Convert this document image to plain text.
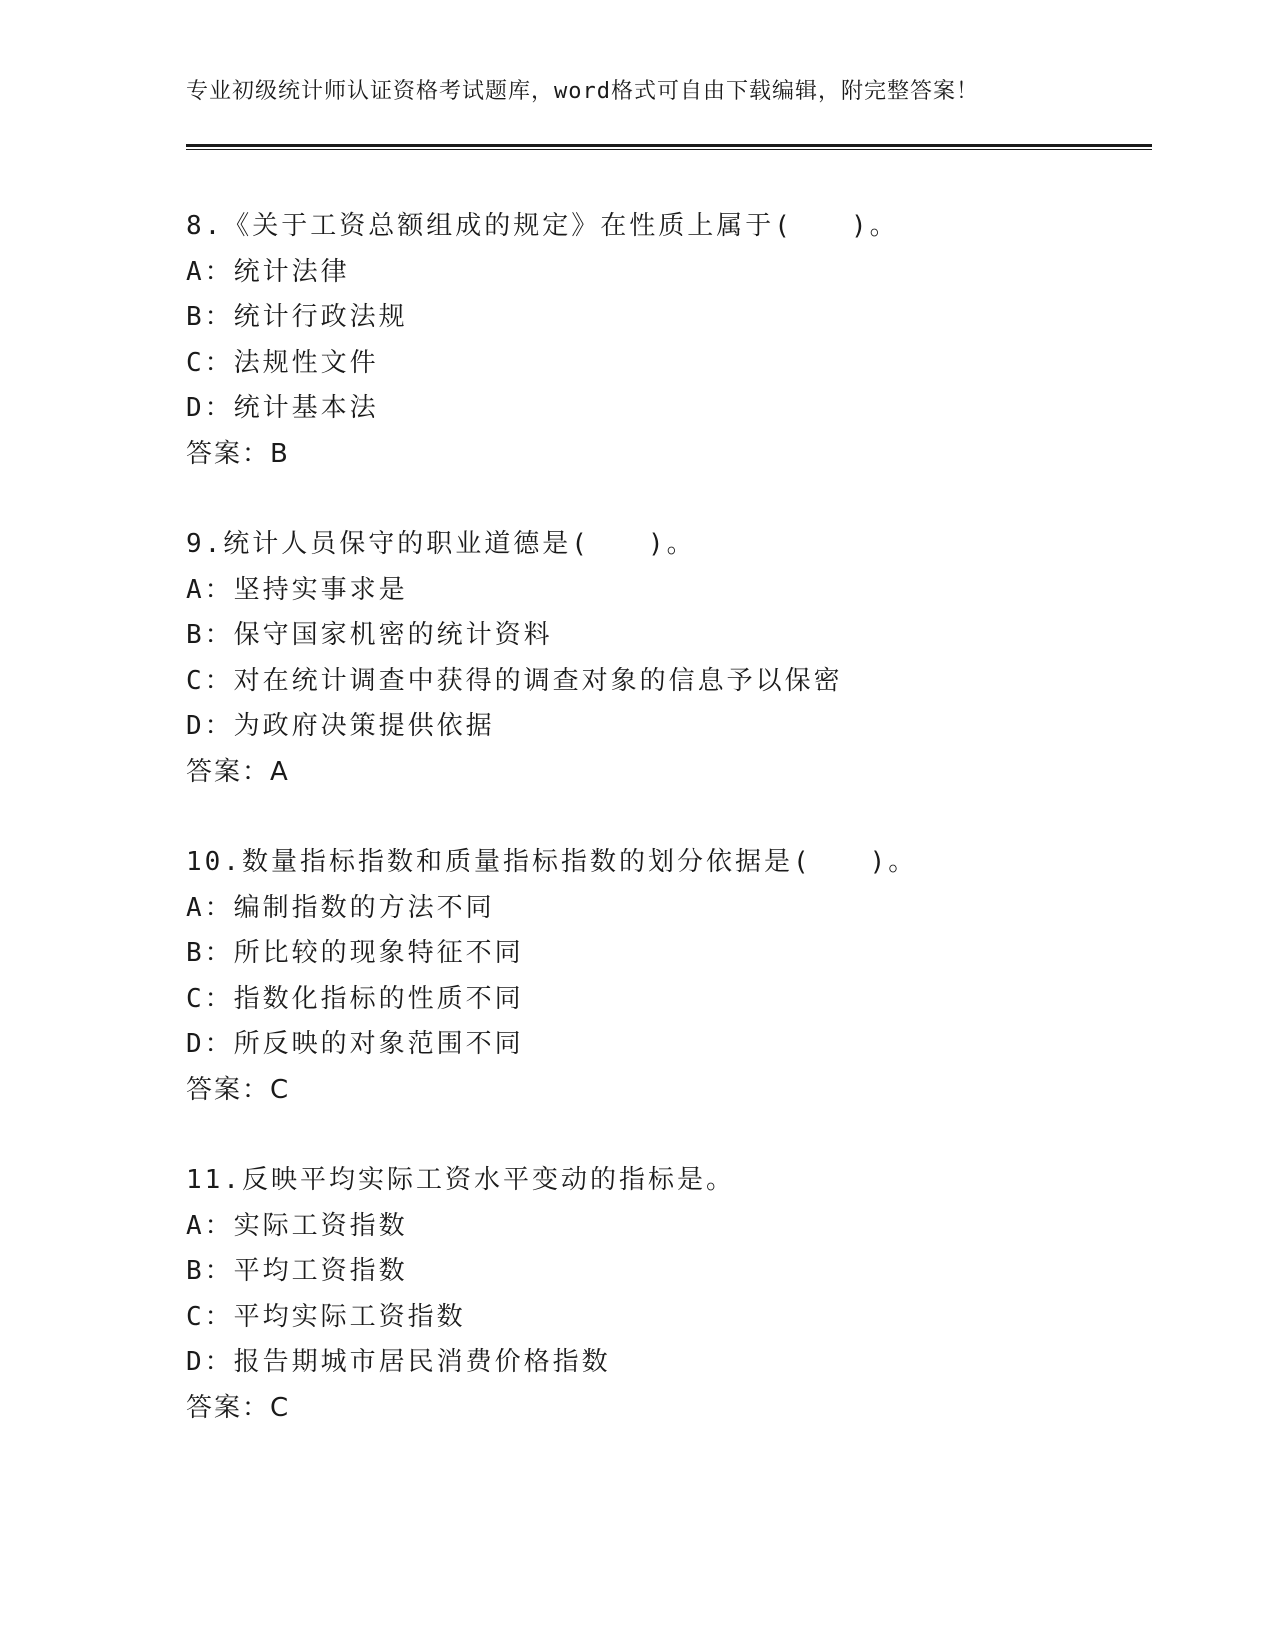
专业初级统计师认证资格考试题库，word格式可自由下载编辑，附完整答案！
8.《关于工资总额组成的规定》在性质上属于(　　)。
A：统计法律
B：统计行政法规
C：法规性文件
D：统计基本法
答案：B
9.统计人员保守的职业道德是(　　)。
A：坚持实事求是
B：保守国家机密的统计资料
C：对在统计调查中获得的调查对象的信息予以保密
D：为政府决策提供依据
答案：A
10.数量指标指数和质量指标指数的划分依据是(　　)。
A：编制指数的方法不同
B：所比较的现象特征不同
C：指数化指标的性质不同
D：所反映的对象范围不同
答案：C
11.反映平均实际工资水平变动的指标是。
A：实际工资指数
B：平均工资指数
C：平均实际工资指数
D：报告期城市居民消费价格指数
答案：C
